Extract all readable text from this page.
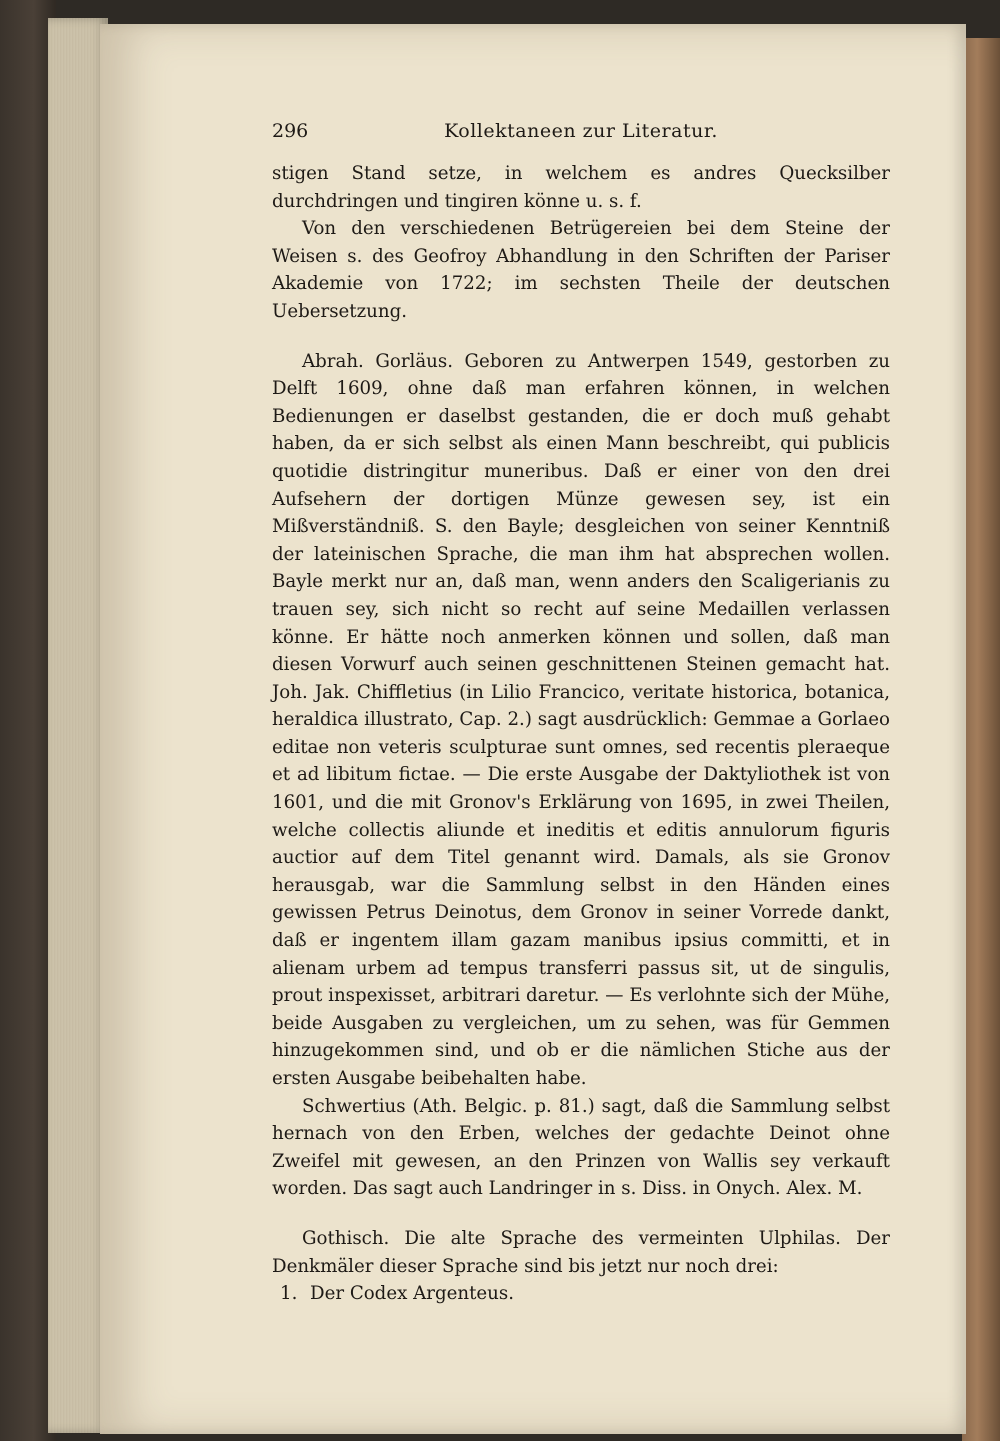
296	Kollektaneen zur Literatur.

stigen Stand setze, in welchem es andres Quecksilber durchdringen und tingiren könne u. s. f.

Von den verschiedenen Betrügereien bei dem Steine der Weisen s. des Geofroy Abhandlung in den Schriften der Pariser Akademie von 1722; im sechsten Theile der deutschen Uebersetzung.

Abrah. Gorläus. Geboren zu Antwerpen 1549, gestorben zu Delft 1609, ohne daß man erfahren können, in welchen Bedienungen er daselbst gestanden, die er doch muß gehabt haben, da er sich selbst als einen Mann beschreibt, qui publicis quotidie distringitur muneribus. Daß er einer von den drei Aufsehern der dortigen Münze gewesen sey, ist ein Mißverständniß. S. den Bayle; desgleichen von seiner Kenntniß der lateinischen Sprache, die man ihm hat absprechen wollen. Bayle merkt nur an, daß man, wenn anders den Scaligerianis zu trauen sey, sich nicht so recht auf seine Medaillen verlassen könne. Er hätte noch anmerken können und sollen, daß man diesen Vorwurf auch seinen geschnittenen Steinen gemacht hat. Joh. Jak. Chiffletius (in Lilio Francico, veritate historica, botanica, heraldica illustrato, Cap. 2.) sagt ausdrücklich: Gemmae a Gorlaeo editae non veteris sculpturae sunt omnes, sed recentis pleraeque et ad libitum fictae. — Die erste Ausgabe der Daktyliothek ist von 1601, und die mit Gronov's Erklärung von 1695, in zwei Theilen, welche collectis aliunde et ineditis et editis annulorum figuris auctior auf dem Titel genannt wird. Damals, als sie Gronov herausgab, war die Sammlung selbst in den Händen eines gewissen Petrus Deinotus, dem Gronov in seiner Vorrede dankt, daß er ingentem illam gazam manibus ipsius committi, et in alienam urbem ad tempus transferri passus sit, ut de singulis, prout inspexisset, arbitrari daretur. — Es verlohnte sich der Mühe, beide Ausgaben zu vergleichen, um zu sehen, was für Gemmen hinzugekommen sind, und ob er die nämlichen Stiche aus der ersten Ausgabe beibehalten habe.

Schwertius (Ath. Belgic. p. 81.) sagt, daß die Sammlung selbst hernach von den Erben, welches der gedachte Deinot ohne Zweifel mit gewesen, an den Prinzen von Wallis sey verkauft worden. Das sagt auch Landringer in s. Diss. in Onych. Alex. M.

Gothisch. Die alte Sprache des vermeinten Ulphilas. Der Denkmäler dieser Sprache sind bis jetzt nur noch drei:

1. Der Codex Argenteus.
